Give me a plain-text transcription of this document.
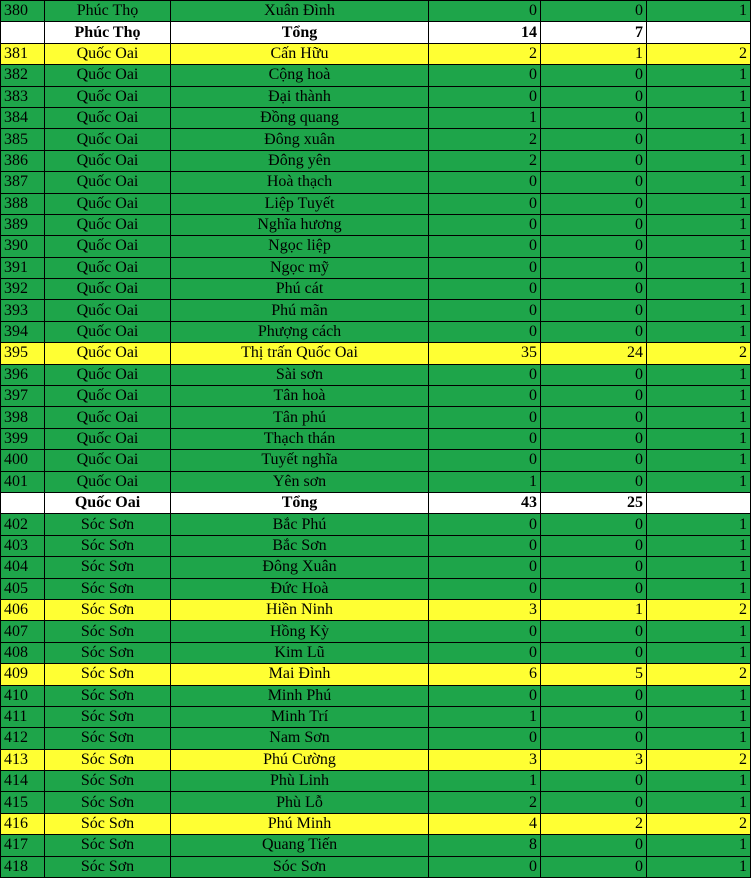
380	Phúc Thọ	Xuân Đình	0	0	1
	Phúc Thọ	Tổng	14	7	
381	Quốc Oai	Cấn Hữu	2	1	2
382	Quốc Oai	Cộng hoà	0	0	1
383	Quốc Oai	Đại thành	0	0	1
384	Quốc Oai	Đồng quang	1	0	1
385	Quốc Oai	Đông xuân	2	0	1
386	Quốc Oai	Đông yên	2	0	1
387	Quốc Oai	Hoà thạch	0	0	1
388	Quốc Oai	Liệp Tuyết	0	0	1
389	Quốc Oai	Nghĩa hương	0	0	1
390	Quốc Oai	Ngọc liệp	0	0	1
391	Quốc Oai	Ngọc mỹ	0	0	1
392	Quốc Oai	Phú cát	0	0	1
393	Quốc Oai	Phú mãn	0	0	1
394	Quốc Oai	Phượng cách	0	0	1
395	Quốc Oai	Thị trấn Quốc Oai	35	24	2
396	Quốc Oai	Sài sơn	0	0	1
397	Quốc Oai	Tân hoà	0	0	1
398	Quốc Oai	Tân phú	0	0	1
399	Quốc Oai	Thạch thán	0	0	1
400	Quốc Oai	Tuyết nghĩa	0	0	1
401	Quốc Oai	Yên sơn	1	0	1
	Quốc Oai	Tổng	43	25	
402	Sóc Sơn	Bắc Phú	0	0	1
403	Sóc Sơn	Bắc Sơn	0	0	1
404	Sóc Sơn	Đông Xuân	0	0	1
405	Sóc Sơn	Đức Hoà	0	0	1
406	Sóc Sơn	Hiền Ninh	3	1	2
407	Sóc Sơn	Hồng Kỳ	0	0	1
408	Sóc Sơn	Kim Lũ	0	0	1
409	Sóc Sơn	Mai Đình	6	5	2
410	Sóc Sơn	Minh Phú	0	0	1
411	Sóc Sơn	Minh Trí	1	0	1
412	Sóc Sơn	Nam Sơn	0	0	1
413	Sóc Sơn	Phú Cường	3	3	2
414	Sóc Sơn	Phù Linh	1	0	1
415	Sóc Sơn	Phù Lỗ	2	0	1
416	Sóc Sơn	Phú Minh	4	2	2
417	Sóc Sơn	Quang Tiến	8	0	1
418	Sóc Sơn	Sóc Sơn	0	0	1
